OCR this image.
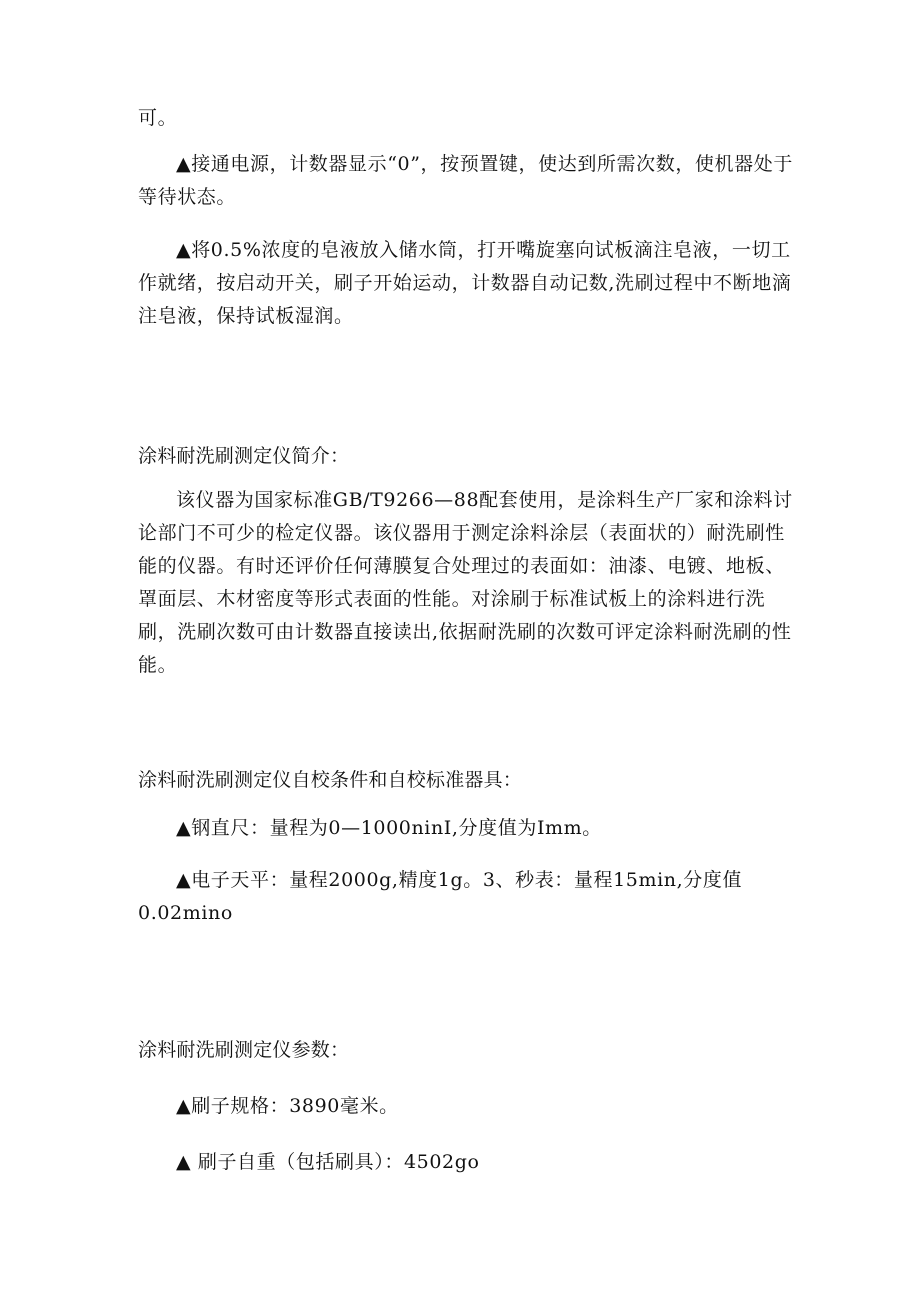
可。

▲接通电源，计数器显示“0”，按预置键，使达到所需次数，使机器处于等待状态。

▲将0.5%浓度的皂液放入储水筒，打开嘴旋塞向试板滴注皂液，一切工作就绪，按启动开关，刷子开始运动，计数器自动记数,洗刷过程中不断地滴注皂液，保持试板湿润。

涂料耐洗刷测定仪简介：

该仪器为国家标准GB/T9266—88配套使用，是涂料生产厂家和涂料讨论部门不可少的检定仪器。该仪器用于测定涂料涂层（表面状的）耐洗刷性能的仪器。有时还评价任何薄膜复合处理过的表面如：油漆、电镀、地板、罩面层、木材密度等形式表面的性能。对涂刷于标准试板上的涂料进行洗刷，洗刷次数可由计数器直接读出,依据耐洗刷的次数可评定涂料耐洗刷的性能。

涂料耐洗刷测定仪自校条件和自校标准器具：

▲钢直尺：量程为0—1000ninI,分度值为Imm。

▲电子天平：量程2000g,精度1g。3、秒表：量程15min,分度值0.02mino

涂料耐洗刷测定仪参数：

▲刷子规格：3890毫米。

▲ 刷子自重（包括刷具）：4502go
